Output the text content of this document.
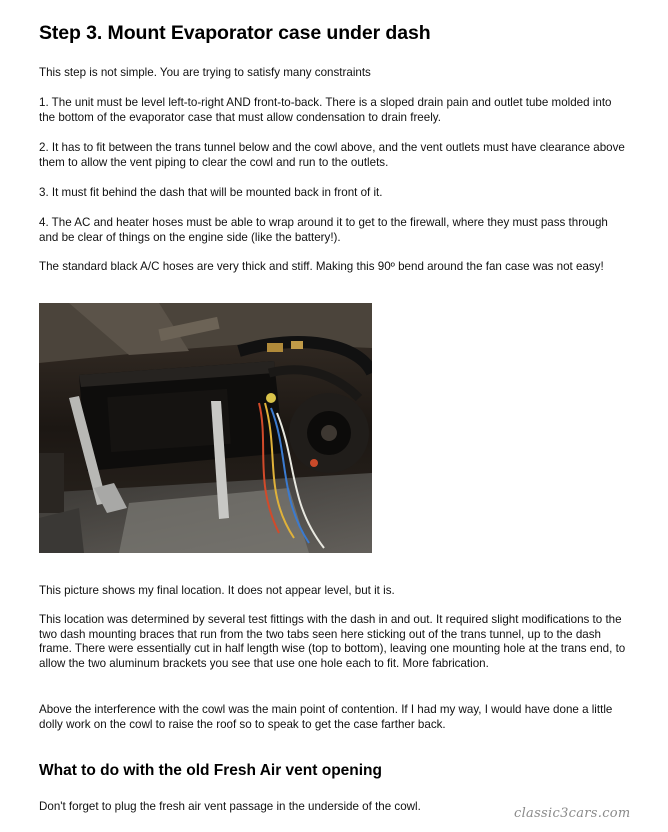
Step 3. Mount Evaporator case under dash

This step is not simple. You are trying to satisfy many constraints

1. The unit must be level left-to-right AND front-to-back. There is a sloped drain pain and outlet tube molded into the bottom of the evaporator case that must allow condensation to drain freely.

2. It has to fit between the trans tunnel below and the cowl above, and the vent outlets must have clearance above them to allow the vent piping to clear the cowl and run to the outlets.

3. It must fit behind the dash that will be mounted back in front of it.

4. The AC and heater hoses must be able to wrap around it to get to the firewall, where they must pass through and be clear of things on the engine side (like the battery!).

The standard black A/C hoses are very thick and stiff. Making this 90º bend around the fan case was not easy!

This picture shows my final location. It does not appear level, but it is.

This location was determined by several test fittings with the dash in and out. It required slight modifications to the two dash mounting braces that run from the two tabs seen here sticking out of the trans tunnel, up to the dash frame. There were essentially cut in half length wise (top to bottom), leaving one mounting hole at the trans end, to allow the two aluminum brackets you see that use one hole each to fit. More fabrication.

Above the interference with the cowl was the main point of contention. If I had my way, I would have done a little dolly work on the cowl to raise the roof so to speak to get the case farther back.

What to do with the old Fresh Air vent opening

Don't forget to plug the fresh air vent passage in the underside of the cowl.	classic3cars.com
